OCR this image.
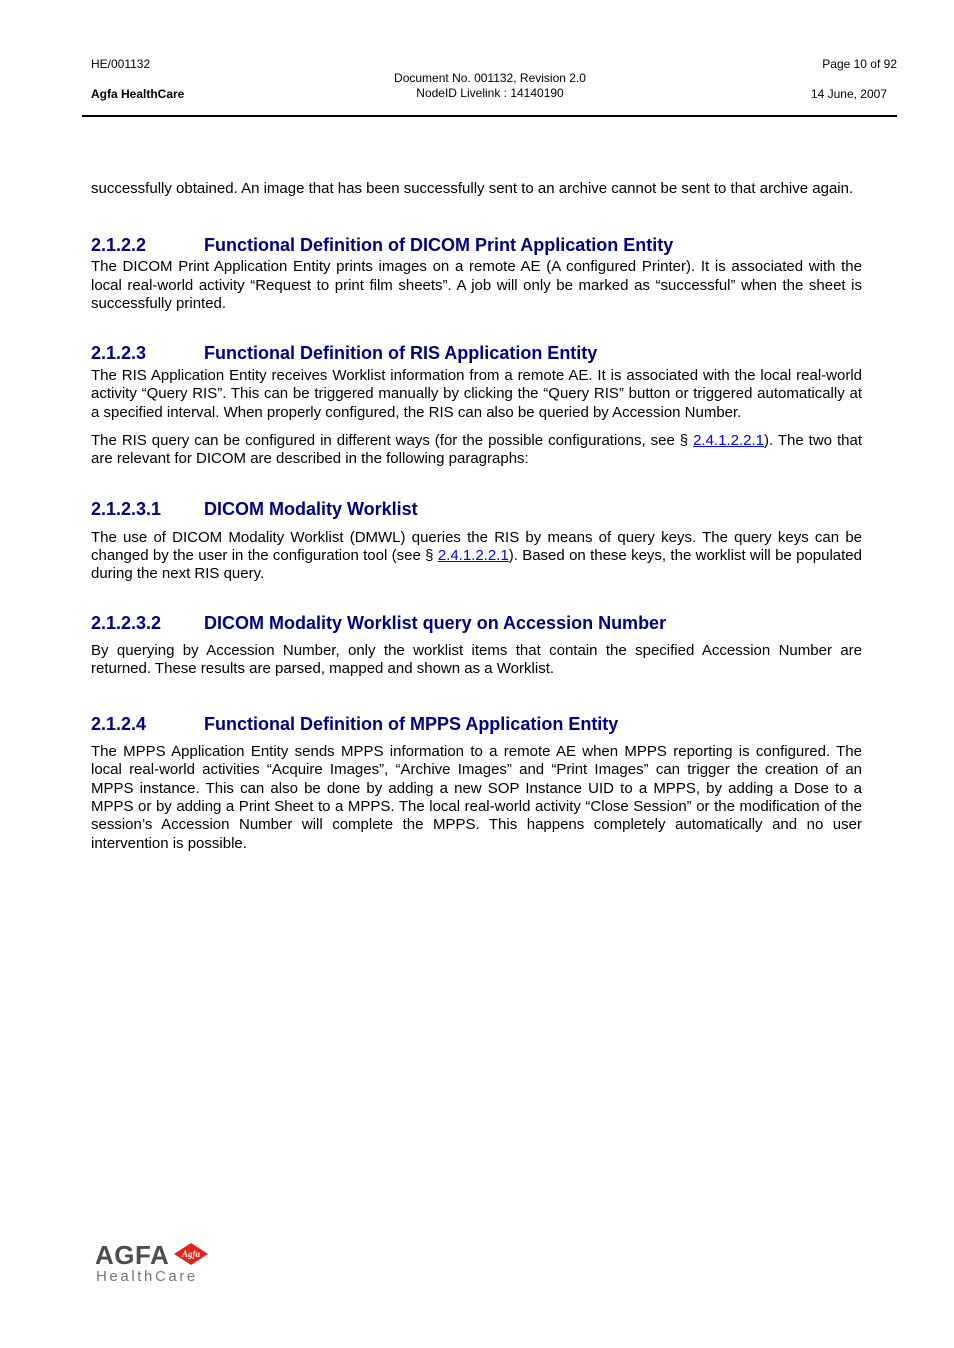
HE/001132
Agfa HealthCare
Document No. 001132, Revision 2.0
NodeID Livelink : 14140190
Page 10 of 92
14 June, 2007

successfully obtained. An image that has been successfully sent to an archive cannot be sent to that archive again.

2.1.2.2	Functional Definition of DICOM Print Application Entity

The DICOM Print Application Entity prints images on a remote AE (A configured Printer). It is associated with the local real-world activity “Request to print film sheets”. A job will only be marked as “successful” when the sheet is successfully printed.

2.1.2.3	Functional Definition of RIS Application Entity

The RIS Application Entity receives Worklist information from a remote AE. It is associated with the local real-world activity “Query RIS”. This can be triggered manually by clicking the “Query RIS” button or triggered automatically at a specified interval. When properly configured, the RIS can also be queried by Accession Number.

The RIS query can be configured in different ways (for the possible configurations, see § 2.4.1.2.2.1). The two that are relevant for DICOM are described in the following paragraphs:

2.1.2.3.1	DICOM Modality Worklist

The use of DICOM Modality Worklist (DMWL) queries the RIS by means of query keys. The query keys can be changed by the user in the configuration tool (see § 2.4.1.2.2.1). Based on these keys, the worklist will be populated during the next RIS query.

2.1.2.3.2	DICOM Modality Worklist query on Accession Number

By querying by Accession Number, only the worklist items that contain the specified Accession Number are returned. These results are parsed, mapped and shown as a Worklist.

2.1.2.4	Functional Definition of MPPS Application Entity

The MPPS Application Entity sends MPPS information to a remote AE when MPPS reporting is configured. The local real-world activities “Acquire Images”, “Archive Images” and “Print Images” can trigger the creation of an MPPS instance. This can also be done by adding a new SOP Instance UID to a MPPS, by adding a Dose to a MPPS or by adding a Print Sheet to a MPPS. The local real-world activity “Close Session” or the modification of the session’s Accession Number will complete the MPPS. This happens completely automatically and no user intervention is possible.

AGFA Agfa
HealthCare
